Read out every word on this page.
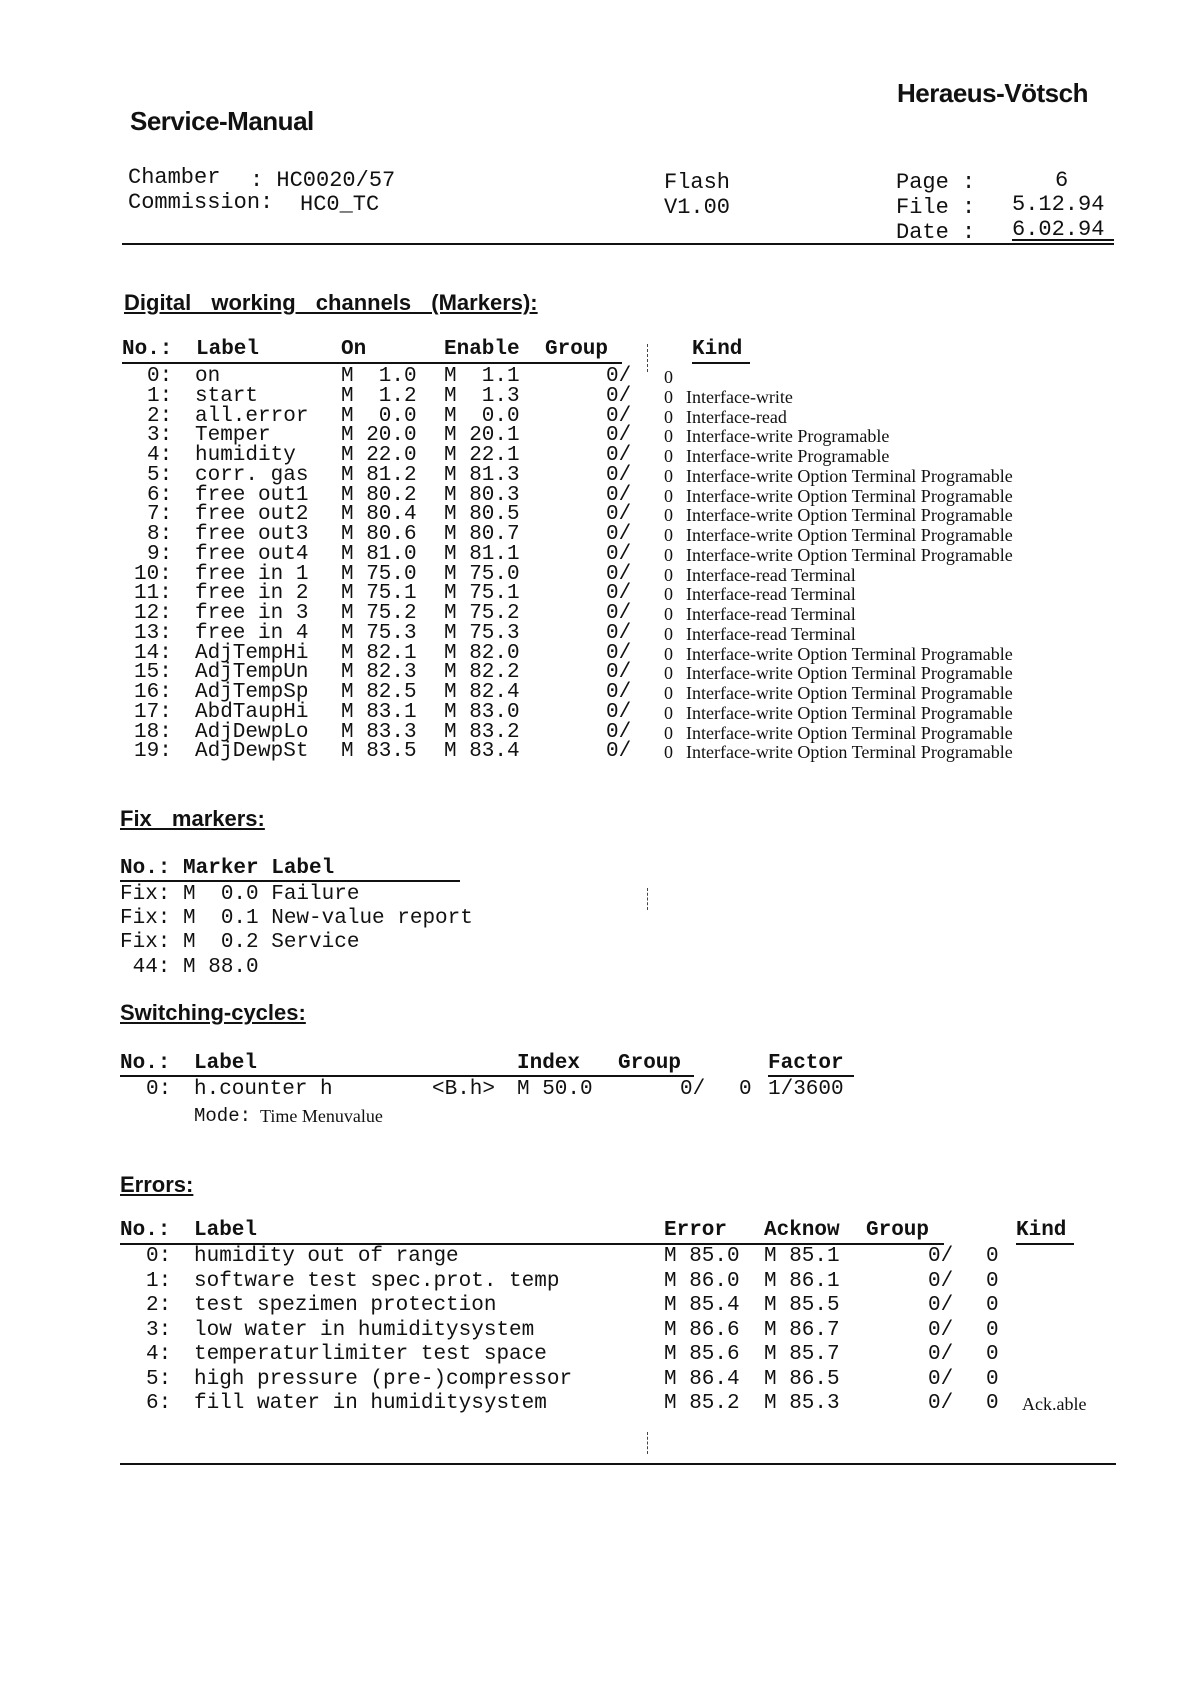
Heraeus-Vötsch
Service-Manual
Chamber : HC0020/57
Commission: HC0_TC
Flash
V1.00
Page :	6
File : 5.12.94
Date : 6.02.94
Digital working channels (Markers):
No.: Label	On	Enable Group	Kind
0: on	M  1.0 M  1.1	0/ 0
1: start	M  1.2 M  1.3	0/ 0 Interface-write
2: all.error M  0.0 M  0.0	0/ 0 Interface-read
3: Temper	M 20.0 M 20.1	0/ 0 Interface-write Programable
4: humidity M 22.0 M 22.1	0/ 0 Interface-write Programable
5: corr. gas M 81.2 M 81.3	0/ 0 Interface-write Option Terminal Programable
6: free out1 M 80.2 M 80.3	0/ 0 Interface-write Option Terminal Programable
7: free out2 M 80.4 M 80.5	0/ 0 Interface-write Option Terminal Programable
8: free out3 M 80.6 M 80.7	0/ 0 Interface-write Option Terminal Programable
9: free out4 M 81.0 M 81.1	0/ 0 Interface-write Option Terminal Programable
10: free in 1 M 75.0 M 75.0	0/ 0 Interface-read Terminal
11: free in 2 M 75.1 M 75.1	0/ 0 Interface-read Terminal
12: free in 3 M 75.2 M 75.2	0/ 0 Interface-read Terminal
13: free in 4 M 75.3 M 75.3	0/ 0 Interface-read Terminal
14: AdjTempHi M 82.1 M 82.0	0/ 0 Interface-write Option Terminal Programable
15: AdjTempUn M 82.3 M 82.2	0/ 0 Interface-write Option Terminal Programable
16: AdjTempSp M 82.5 M 82.4	0/ 0 Interface-write Option Terminal Programable
17: AbdTaupHi M 83.1 M 83.0	0/ 0 Interface-write Option Terminal Programable
18: AdjDewpLo M 83.3 M 83.2	0/ 0 Interface-write Option Terminal Programable
19: AdjDewpSt M 83.5 M 83.4	0/ 0 Interface-write Option Terminal Programable
Fix markers:
No.: Marker Label
Fix: M  0.0 Failure
Fix: M  0.1 New-value report
Fix: M  0.2 Service
44: M 88.0
Switching-cycles:
No.: Label	Index Group	Factor
0: h.counter h	<B.h> M 50.0	0/ 0 1/3600
Mode: Time Menuvalue
Errors:
No.: Label	Error Acknow Group	Kind
0: humidity out of range	M 85.0 M 85.1	0/ 0
1: software test spec.prot. temp	M 86.0 M 86.1	0/ 0
2: test spezimen protection	M 85.4 M 85.5	0/ 0
3: low water in humiditysystem	M 86.6 M 86.7	0/ 0
4: temperaturlimiter test space	M 85.6 M 85.7	0/ 0
5: high pressure (pre-)compressor	M 86.4 M 86.5	0/ 0
6: fill water in humiditysystem	M 85.2 M 85.3	0/ 0 Ack.able
